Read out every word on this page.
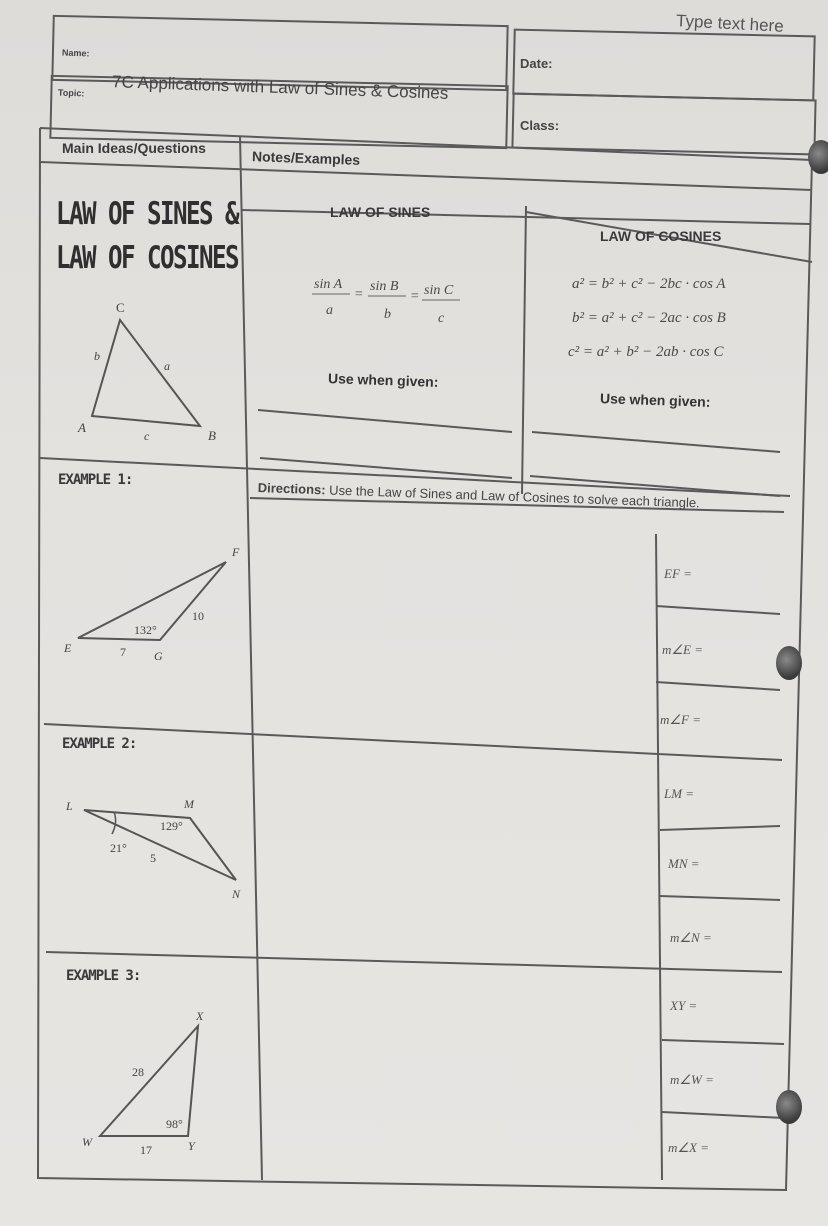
Type text here
Name:
Date:
Topic: 7C Applications with Law of Sines & Cosines
Class:
Main Ideas/Questions
Notes/Examples
LAW OF SINES &
LAW OF COSINES
C
A
B
a
b
c
LAW OF SINES
sin A
a
=
sin B
b
= sin C
c
Use when given:
LAW OF COSINES
a² = b² + c² − 2bc · cos A
b² = a² + c² − 2ac · cos B
c² = a² + b² − 2ab · cos C
Use when given:
Directions: Use the Law of Sines and Law of Cosines to solve each triangle.
EXAMPLE 1:
F
E
G
10
7
132°
EXAMPLE 2:
L	M
N
129°
21°
5
EXAMPLE 3:
X
W	Y
28
17
98°
EF =
m∠E =
m∠F =
LM =
MN =
m∠N =
XY =
m∠W =
m∠X =
